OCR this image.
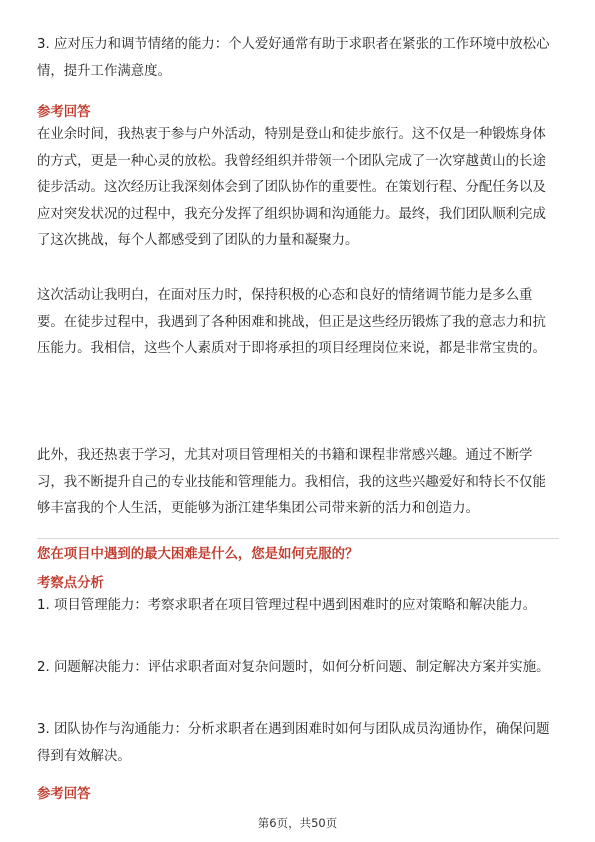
3. 应对压力和调节情绪的能力：个人爱好通常有助于求职者在紧张的工作环境中放松心情，提升工作满意度。

参考回答

在业余时间，我热衷于参与户外活动，特别是登山和徒步旅行。这不仅是一种锻炼身体的方式，更是一种心灵的放松。我曾经组织并带领一个团队完成了一次穿越黄山的长途徒步活动。这次经历让我深刻体会到了团队协作的重要性。在策划行程、分配任务以及应对突发状况的过程中，我充分发挥了组织协调和沟通能力。最终，我们团队顺利完成了这次挑战，每个人都感受到了团队的力量和凝聚力。

这次活动让我明白，在面对压力时，保持积极的心态和良好的情绪调节能力是多么重要。在徒步过程中，我遇到了各种困难和挑战，但正是这些经历锻炼了我的意志力和抗压能力。我相信，这些个人素质对于即将承担的项目经理岗位来说，都是非常宝贵的。

此外，我还热衷于学习，尤其对项目管理相关的书籍和课程非常感兴趣。通过不断学习，我不断提升自己的专业技能和管理能力。我相信，我的这些兴趣爱好和特长不仅能够丰富我的个人生活，更能够为浙江建华集团公司带来新的活力和创造力。

您在项目中遇到的最大困难是什么，您是如何克服的？

考察点分析

1. 项目管理能力：考察求职者在项目管理过程中遇到困难时的应对策略和解决能力。

2. 问题解决能力：评估求职者面对复杂问题时，如何分析问题、制定解决方案并实施。

3. 团队协作与沟通能力：分析求职者在遇到困难时如何与团队成员沟通协作，确保问题得到有效解决。

参考回答

第6页，共50页
